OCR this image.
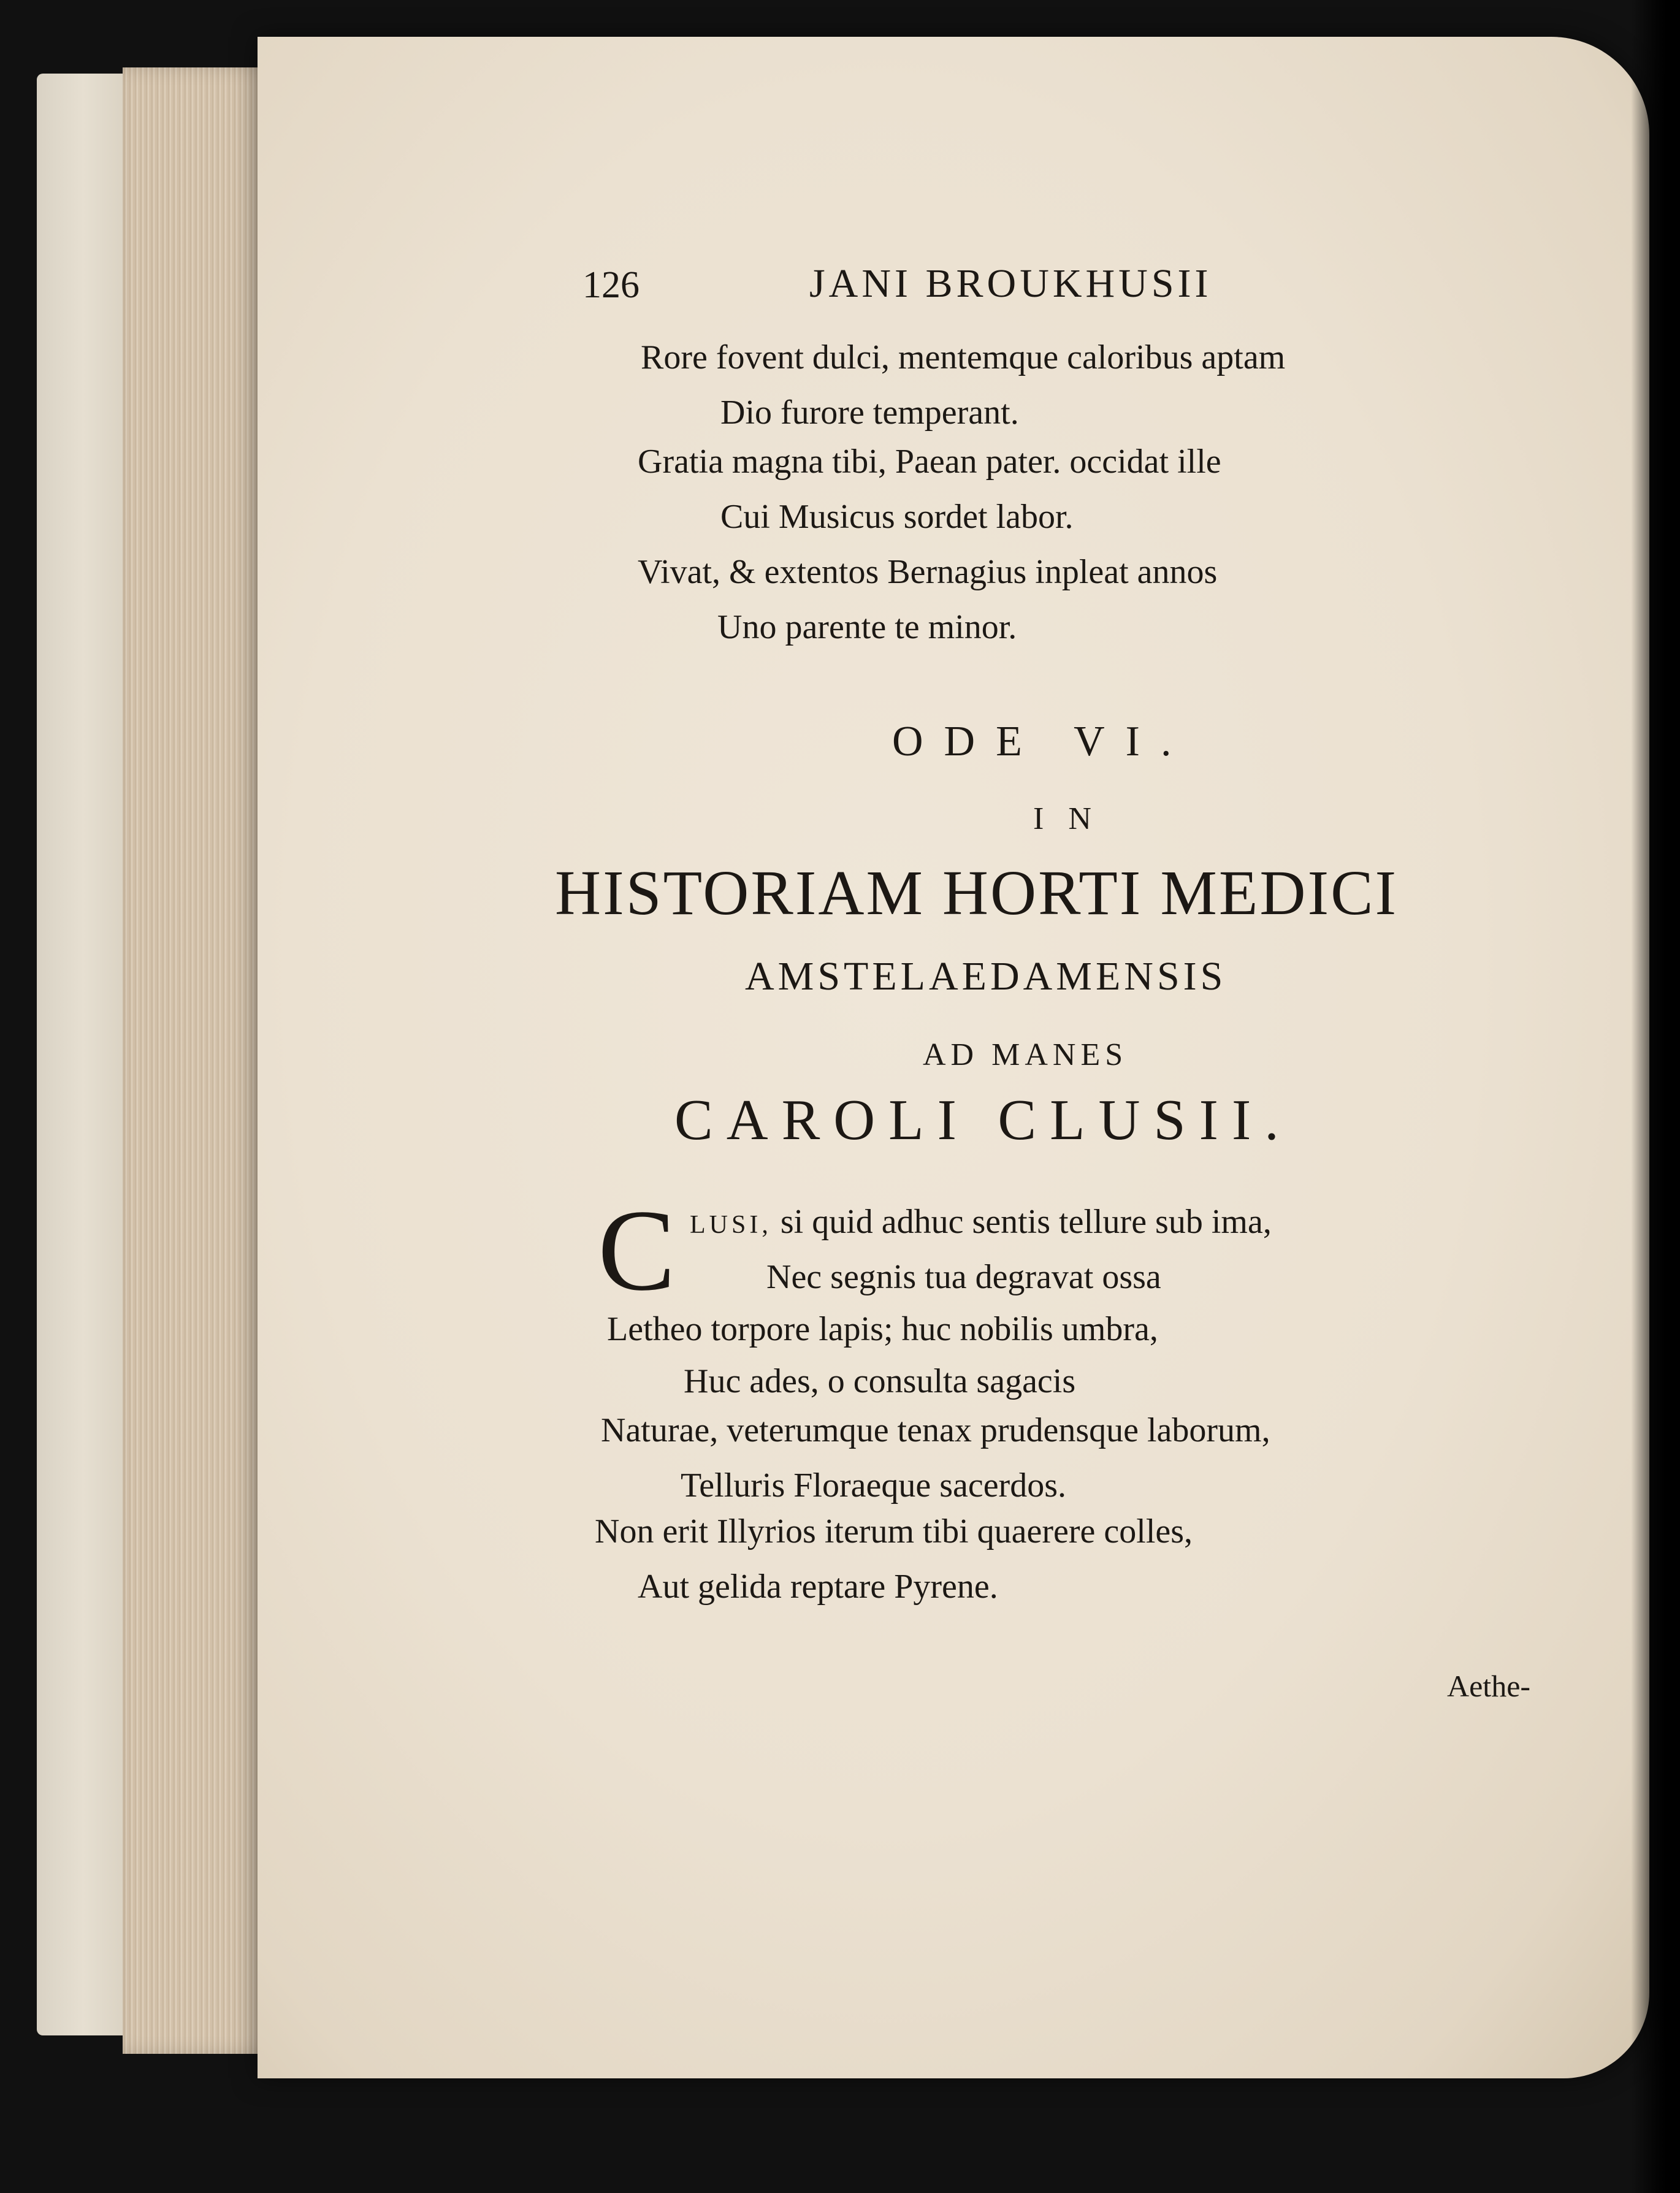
126	JANI BROUKHUSII
Rore fovent dulci, mentemque caloribus aptam
Dio furore temperant.
Gratia magna tibi, Paean pater. occidat ille
Cui Musicus sordet labor.
Vivat, & extentos Bernagius inpleat annos
Uno parente te minor.
ODE VI.
IN
HISTORIAM HORTI MEDICI
AMSTELAEDAMENSIS
AD MANES
CAROLI CLUSII.
C LUSI, si quid adhuc sentis tellure sub ima,
Nec segnis tua degravat ossa
Letheo torpore lapis; huc nobilis umbra,
Huc ades, o consulta sagacis
Naturae, veterumque tenax prudensque laborum,
Telluris Floraeque sacerdos.
Non erit Illyrios iterum tibi quaerere colles,
Aut gelida reptare Pyrene.
Aethe-
